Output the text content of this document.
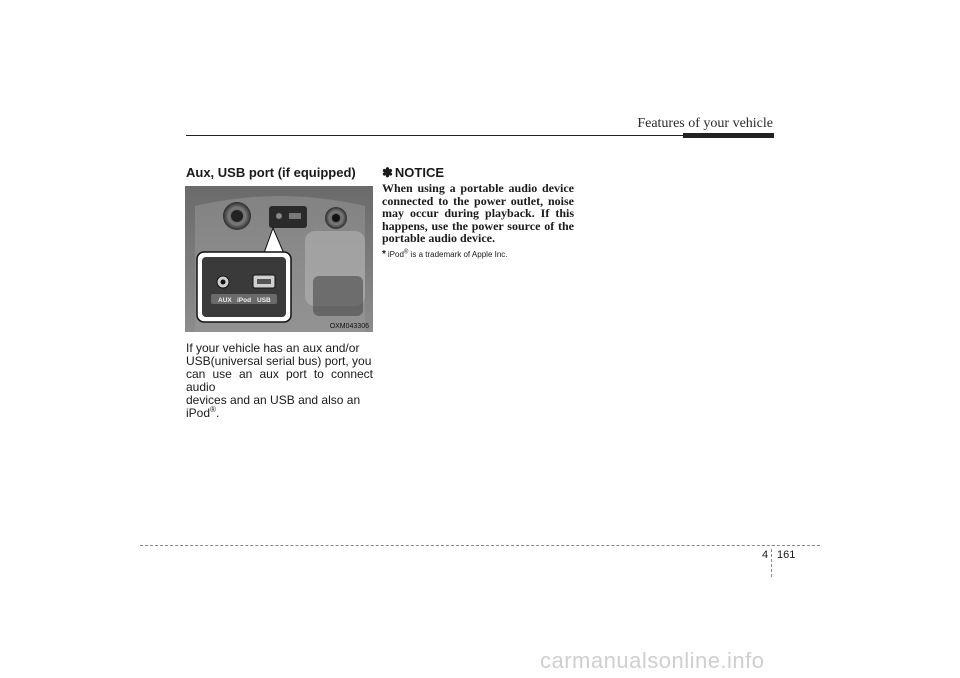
Features of your vehicle
Aux, USB port (if equipped)
AUX iPod USB
OXM043306
If your vehicle has an aux and/or
USB(universal serial bus) port, you
can use an aux port to connect audio
devices and an USB and also an
iPod®.
✽ NOTICE
When using a portable audio device connected to the power outlet, noise may occur during playback. If this happens, use the power source of the portable audio device.
* iPod® is a trademark of Apple Inc.
4 161
carmanualsonline.info
